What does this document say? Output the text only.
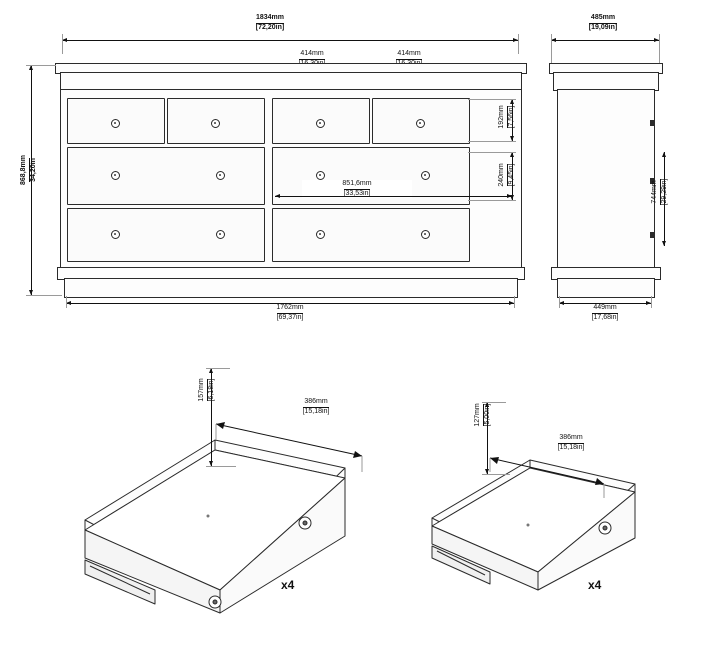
1834mm
[72,20in]
414mm	414mm

868,8mm 34,20in
192mm [7,56in]
240mm [9,45in]
851,6mm
[33,53in]
1762mm
[69,37in]
485mm
[19,09in]
744mm [29,29in]
449mm
[17,68in]
157mm [6,18in]
386mm
[15,18in]
x4
127mm [5,00in]
386mm
[15,18in]
x4
